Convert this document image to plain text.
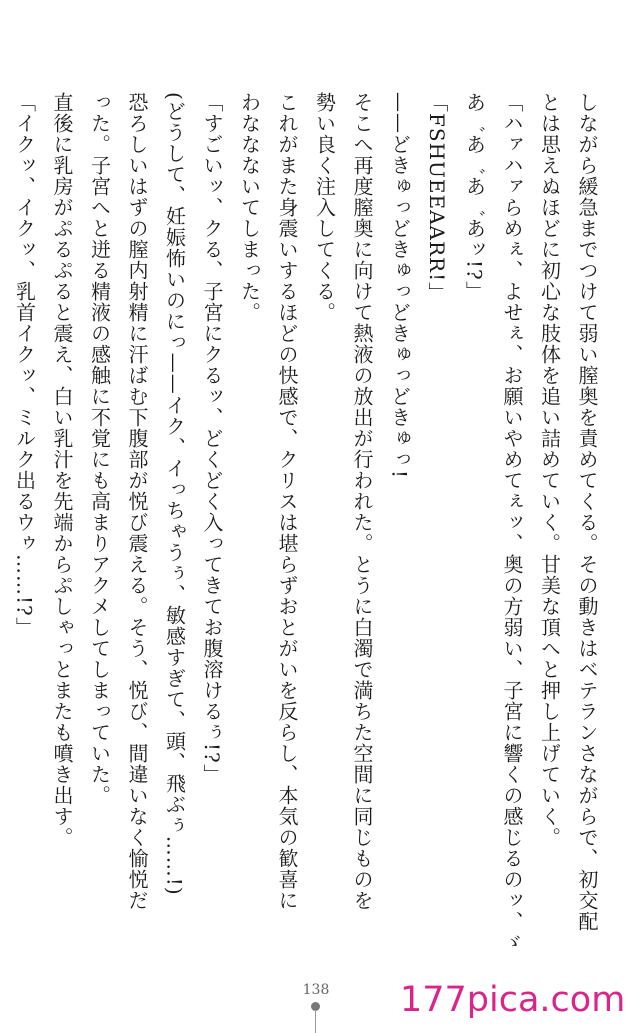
しながら緩急までつけて弱い膣奥を責めてくる。その動きはベテランさながらで、初交配
とは思えぬほどに初心な肢体を追い詰めていく。甘美な頂へと押し上げていく。
「ハァハァらめぇ、よせぇ、お願いやめてぇッ、奥の方弱い、子宮に響くの感じるのッ、ゞ
あ゛あ゛あ゛あッ!?」
「FSHUEEAARR!」
——どきゅっどきゅっどきゅっどきゅっ!
そこへ再度膣奥に向けて熱液の放出が行われた。とうに白濁で満ちた空間に同じものを
勢い良く注入してくる。
これがまた身震いするほどの快感で、クリスは堪らずおとがいを反らし、本気の歓喜に
わななないてしまった。
「すごいッ、クる、子宮にクるッ、どくどく入ってきてお腹溶けるぅ!?」
(どうして、妊娠怖いのにっ——イク、イっちゃうぅ、敏感すぎて、頭、飛ぶぅ……!)
恐ろしいはずの膣内射精に汗ばむ下腹部が悦び震える。そう、悦び、間違いなく愉悦だ
った。子宮へと迸る精液の感触に不覚にも高まりアクメしてしまっていた。
直後に乳房がぷるぷると震え、白い乳汁を先端からぷしゃっとまたも噴き出す。
「イクッ、イクッ、乳首イクッ、ミルク出るウゥ……!?」
138	177pica.com
